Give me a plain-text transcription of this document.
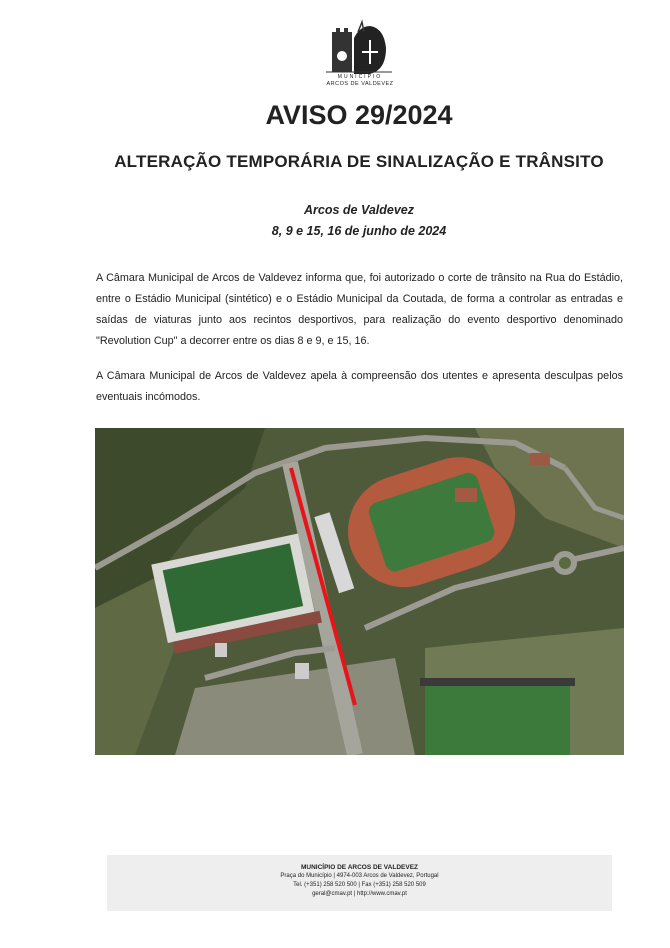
MUNICÍPIO
ARCOS DE VALDEVEZ
AVISO 29/2024
ALTERAÇÃO TEMPORÁRIA DE SINALIZAÇÃO E TRÂNSITO
Arcos de Valdevez
8, 9 e 15, 16 de junho de 2024
A Câmara Municipal de Arcos de Valdevez informa que, foi autorizado o corte de trânsito na Rua do Estádio, entre o Estádio Municipal (sintético) e o Estádio Municipal da Coutada, de forma a controlar as entradas e saídas de viaturas junto aos recintos desportivos, para realização do evento desportivo denominado "Revolution Cup" a decorrer entre os dias 8 e 9, e 15, 16.
A Câmara Municipal de Arcos de Valdevez apela à compreensão dos utentes e apresenta desculpas pelos eventuais incómodos.
MUNICÍPIO DE ARCOS DE VALDEVEZ
Praça do Município | 4974-003 Arcos de Valdevez, Portugal
Tel. (+351) 258 520 500 | Fax (+351) 258 520 509
geral@cmav.pt | http://www.cmav.pt
